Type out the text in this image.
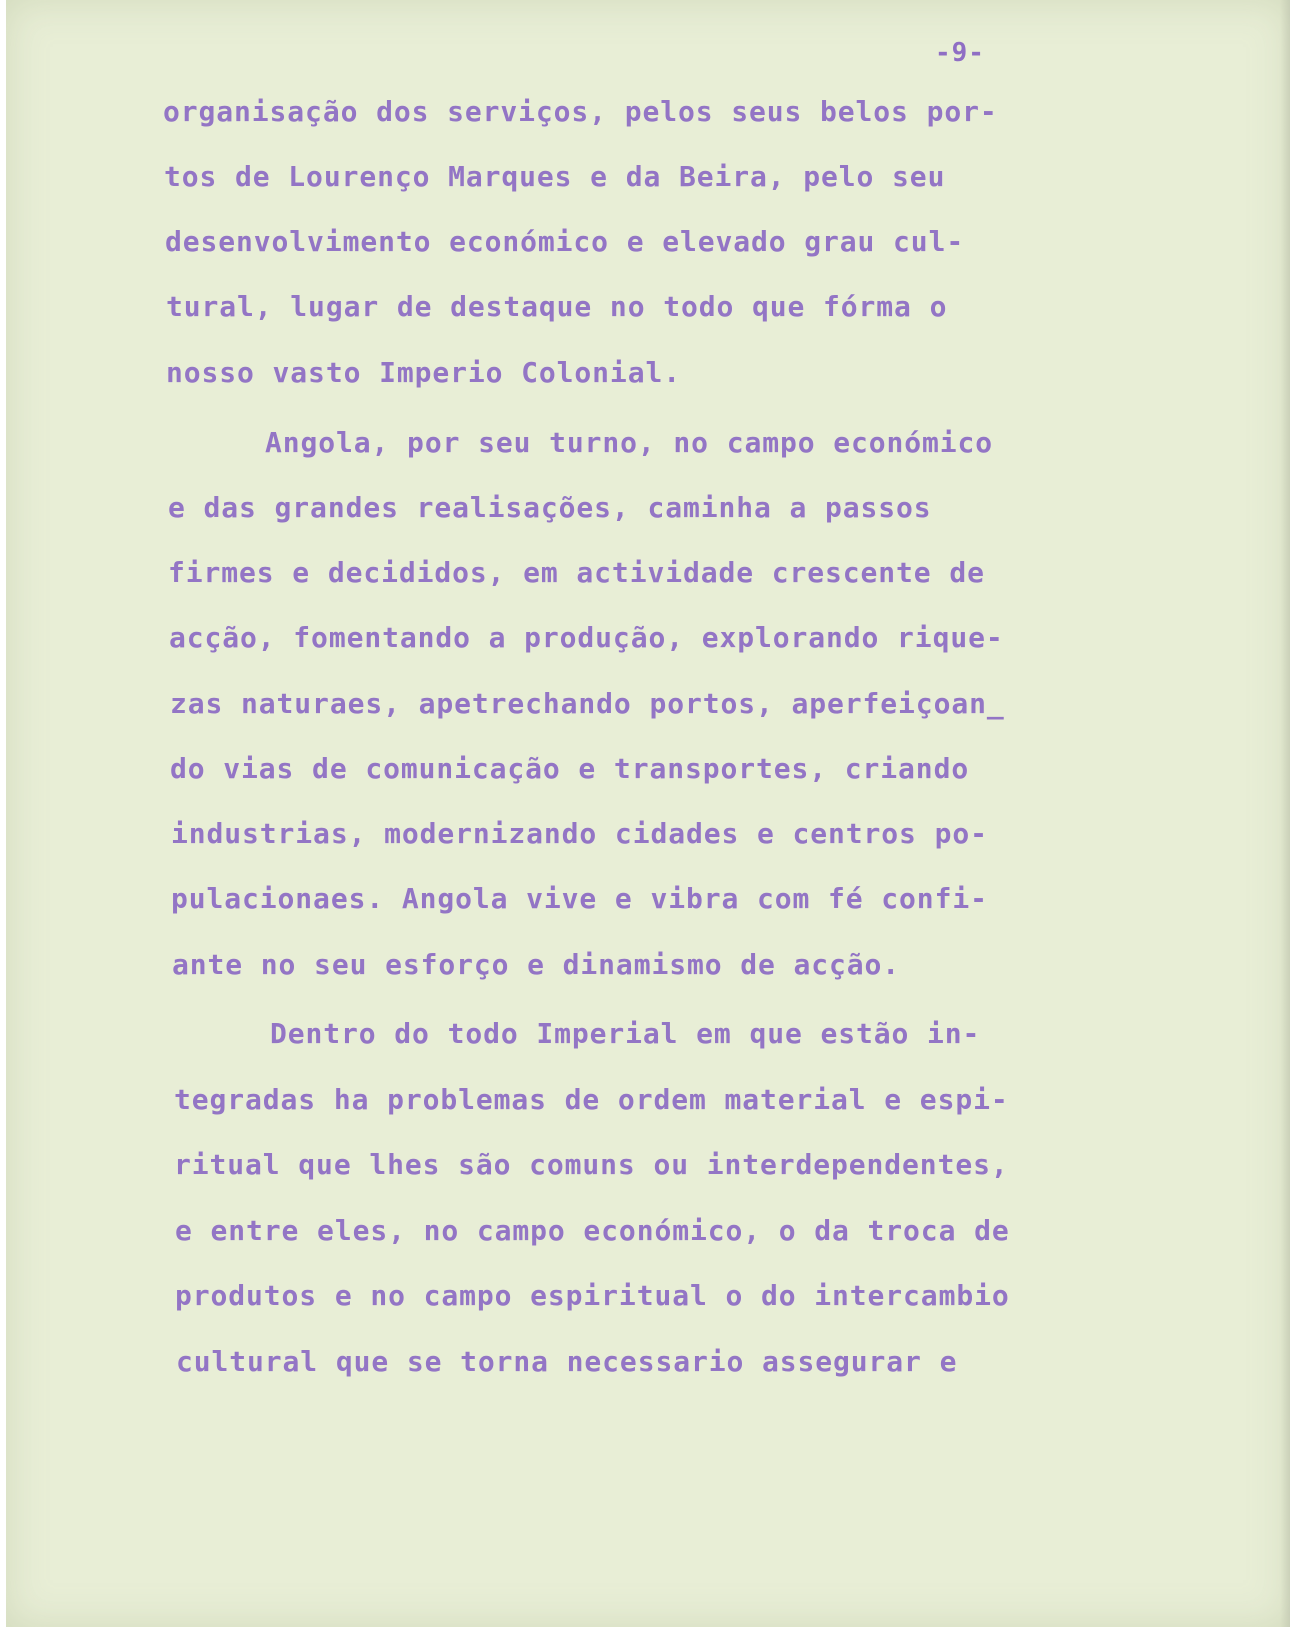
-9-

organisação dos serviços, pelos seus belos por-

tos de Lourenço Marques e da Beira, pelo seu

desenvolvimento económico e elevado grau cul-

tural, lugar de destaque no todo que fórma o

nosso vasto Imperio Colonial.

Angola, por seu turno, no campo económico

e das grandes realisações, caminha a passos

firmes e decididos, em actividade crescente de

acção, fomentando a produção, explorando rique-

zas naturaes, apetrechando portos, aperfeiçoan_

do vias de comunicação e transportes, criando

industrias, modernizando cidades e centros po-

pulacionaes. Angola vive e vibra com fé confi-

ante no seu esforço e dinamismo de acção.

Dentro do todo Imperial em que estão in-

tegradas ha problemas de ordem material e espi-

ritual que lhes são comuns ou interdependentes,

e entre eles, no campo económico, o da troca de

produtos e no campo espiritual o do intercambio

cultural que se torna necessario assegurar e
